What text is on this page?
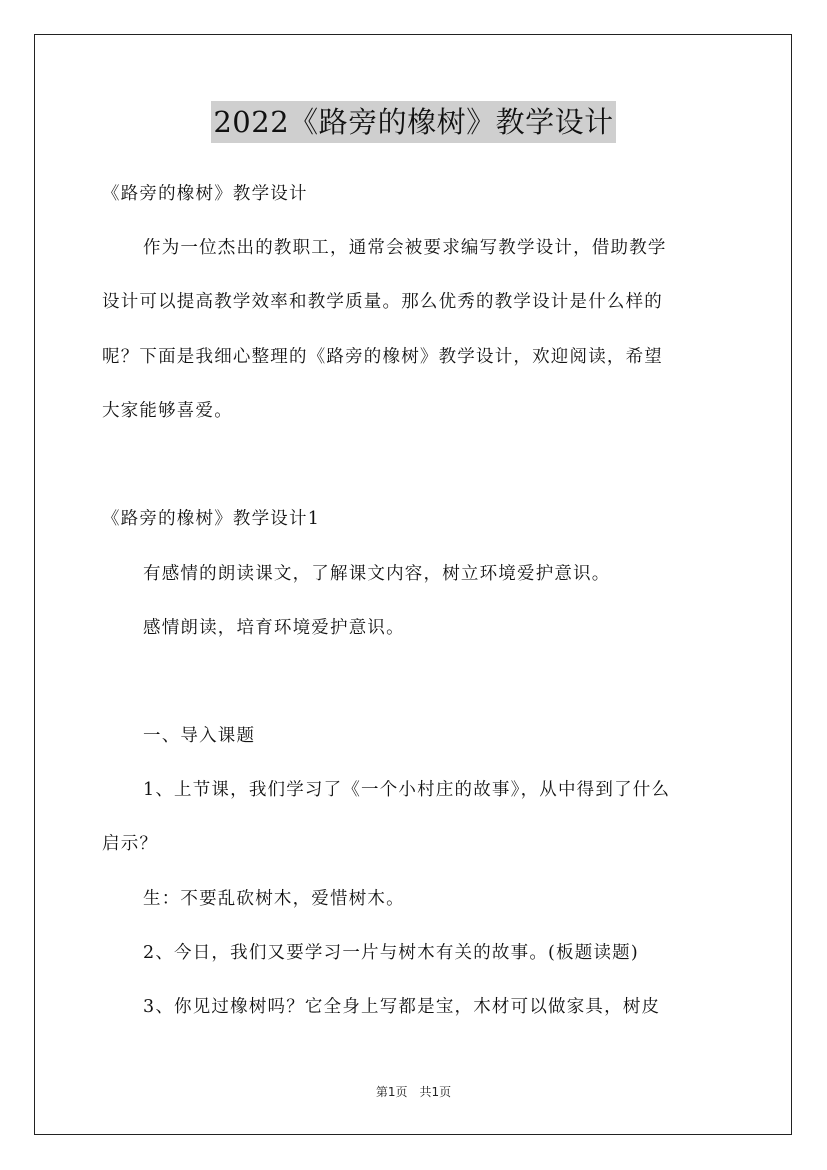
2022《路旁的橡树》教学设计
《路旁的橡树》教学设计
作为一位杰出的教职工，通常会被要求编写教学设计，借助教学
设计可以提高教学效率和教学质量。那么优秀的教学设计是什么样的
呢？下面是我细心整理的《路旁的橡树》教学设计，欢迎阅读，希望
大家能够喜爱。
《路旁的橡树》教学设计1
有感情的朗读课文，了解课文内容，树立环境爱护意识。
感情朗读，培育环境爱护意识。
一、导入课题
1、上节课，我们学习了《一个小村庄的故事》，从中得到了什么
启示？
生：不要乱砍树木，爱惜树木。
2、今日，我们又要学习一片与树木有关的故事。(板题读题)
3、你见过橡树吗？它全身上写都是宝，木材可以做家具，树皮
第1页　共1页
